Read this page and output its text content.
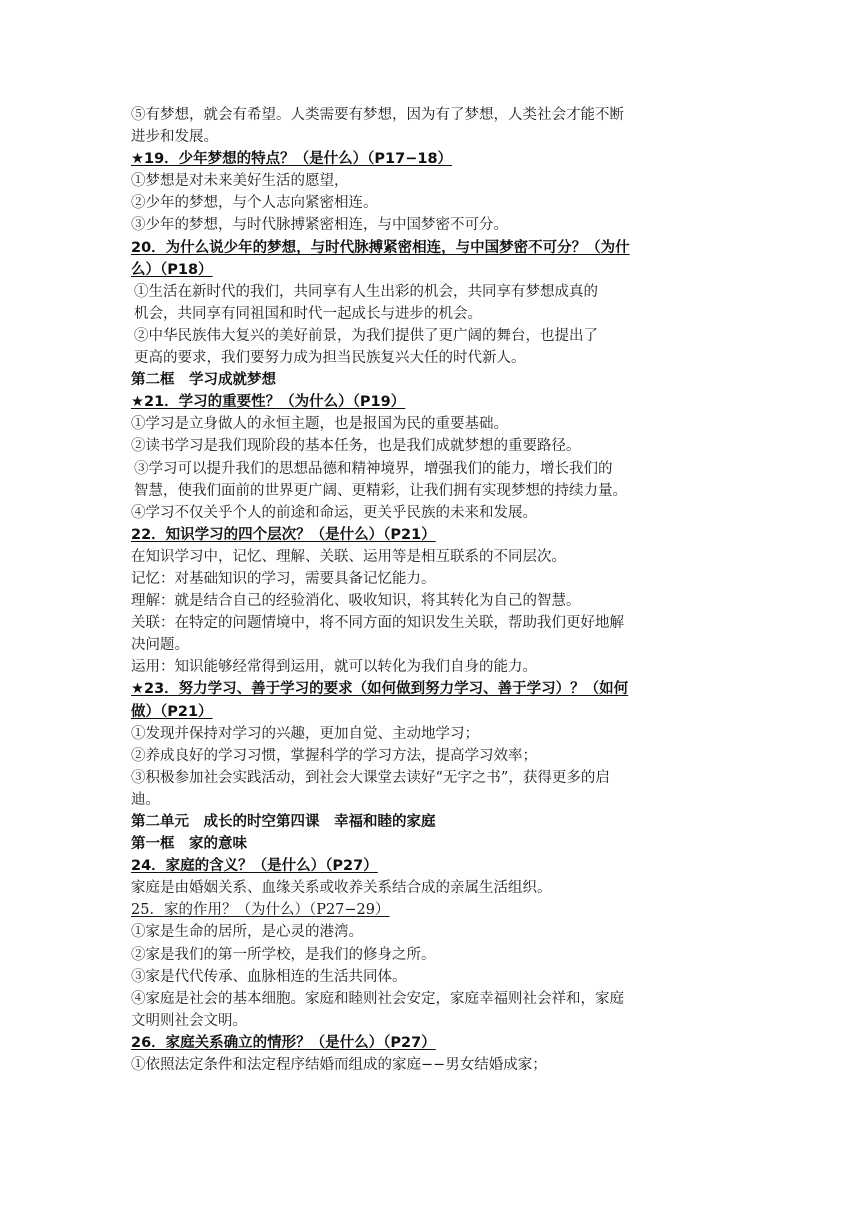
⑤有梦想，就会有希望。人类需要有梦想，因为有了梦想，人类社会才能不断
进步和发展。
★19．少年梦想的特点？（是什么）（P17−18）
①梦想是对未来美好生活的愿望，
②少年的梦想，与个人志向紧密相连。
③少年的梦想，与时代脉搏紧密相连，与中国梦密不可分。
20．为什么说少年的梦想，与时代脉搏紧密相连，与中国梦密不可分？（为什
么）（P18）
①生活在新时代的我们，共同享有人生出彩的机会，共同享有梦想成真的
机会，共同享有同祖国和时代一起成长与进步的机会。
②中华民族伟大复兴的美好前景，为我们提供了更广阔的舞台，也提出了
更高的要求，我们要努力成为担当民族复兴大任的时代新人。
第二框　学习成就梦想
★21．学习的重要性？（为什么）（P19）
①学习是立身做人的永恒主题，也是报国为民的重要基础。
②读书学习是我们现阶段的基本任务，也是我们成就梦想的重要路径。
③学习可以提升我们的思想品德和精神境界，增强我们的能力，增长我们的
智慧，使我们面前的世界更广阔、更精彩，让我们拥有实现梦想的持续力量。
④学习不仅关乎个人的前途和命运，更关乎民族的未来和发展。
22．知识学习的四个层次？（是什么）（P21）
在知识学习中，记忆、理解、关联、运用等是相互联系的不同层次。
记忆：对基础知识的学习，需要具备记忆能力。
理解：就是结合自己的经验消化、吸收知识，将其转化为自己的智慧。
关联：在特定的问题情境中，将不同方面的知识发生关联，帮助我们更好地解
决问题。
运用：知识能够经常得到运用，就可以转化为我们自身的能力。
★23．努力学习、善于学习的要求（如何做到努力学习、善于学习）？（如何
做）（P21）
①发现并保持对学习的兴趣，更加自觉、主动地学习；
②养成良好的学习习惯，掌握科学的学习方法，提高学习效率；
③积极参加社会实践活动，到社会大课堂去读好“无字之书”，获得更多的启
迪。
第二单元　成长的时空第四课　幸福和睦的家庭
第一框　家的意味
24．家庭的含义？（是什么）（P27）
家庭是由婚姻关系、血缘关系或收养关系结合成的亲属生活组织。
25．家的作用？（为什么）（P27−29）
①家是生命的居所，是心灵的港湾。
②家是我们的第一所学校，是我们的修身之所。
③家是代代传承、血脉相连的生活共同体。
④家庭是社会的基本细胞。家庭和睦则社会安定，家庭幸福则社会祥和，家庭
文明则社会文明。
26．家庭关系确立的情形？（是什么）（P27）
①依照法定条件和法定程序结婚而组成的家庭−−男女结婚成家；
